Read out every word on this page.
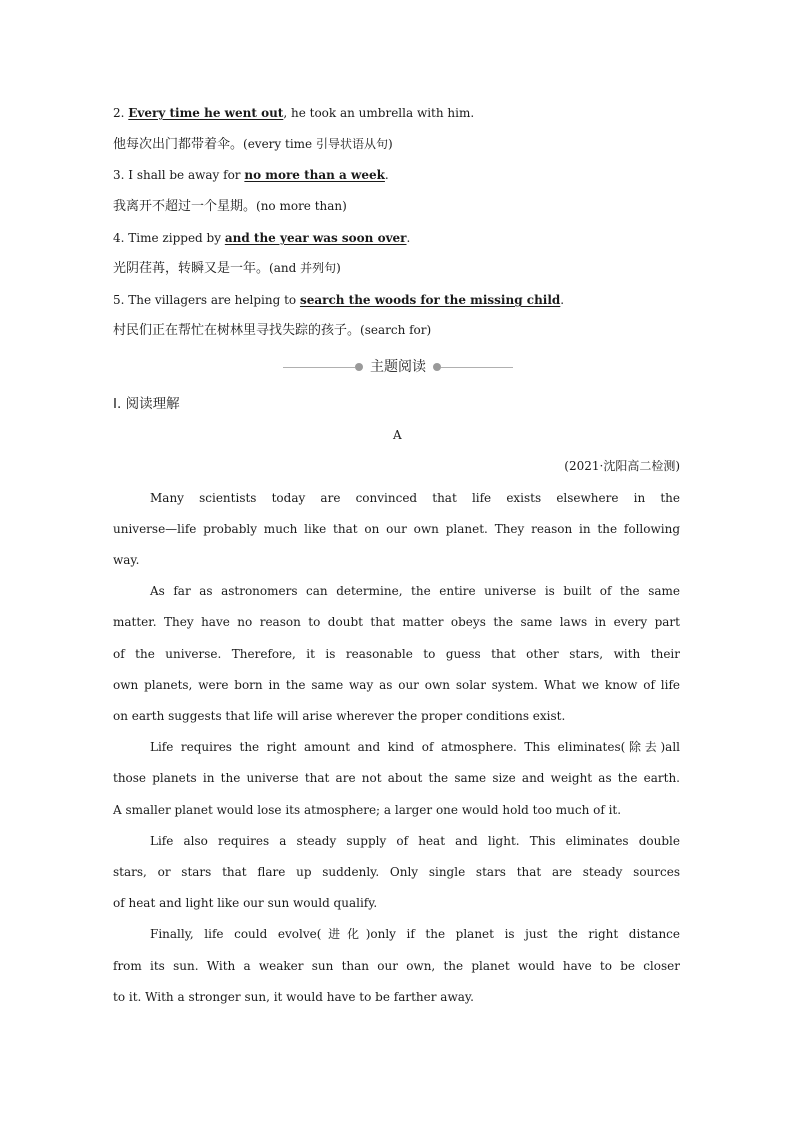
2. Every time he went out, he took an umbrella with him.
他每次出门都带着伞。(every time 引导状语从句)
3. I shall be away for no more than a week.
我离开不超过一个星期。(no more than)
4. Time zipped by and the year was soon over.
光阴荏苒，转瞬又是一年。(and 并列句)
5. The villagers are helping to search the woods for the missing child.
村民们正在帮忙在树林里寻找失踪的孩子。(search for)
主题阅读
Ⅰ. 阅读理解
A
(2021·沈阳高二检测)
Many scientists today are convinced that life exists elsewhere in the
universe—life probably much like that on our own planet. They reason in the following
way.
As far as astronomers can determine, the entire universe is built of the same
matter. They have no reason to doubt that matter obeys the same laws in every part
of the universe. Therefore, it is reasonable to guess that other stars, with their
own planets, were born in the same way as our own solar system. What we know of life
on earth suggests that life will arise wherever the proper conditions exist.
Life requires the right amount and kind of atmosphere. This eliminates(除去)all
those planets in the universe that are not about the same size and weight as the earth.
A smaller planet would lose its atmosphere; a larger one would hold too much of it.
Life also requires a steady supply of heat and light. This eliminates double
stars, or stars that flare up suddenly. Only single stars that are steady sources
of heat and light like our sun would qualify.
Finally, life could evolve(进化)only if the planet is just the right distance
from its sun. With a weaker sun than our own, the planet would have to be closer
to it. With a stronger sun, it would have to be farther away.
